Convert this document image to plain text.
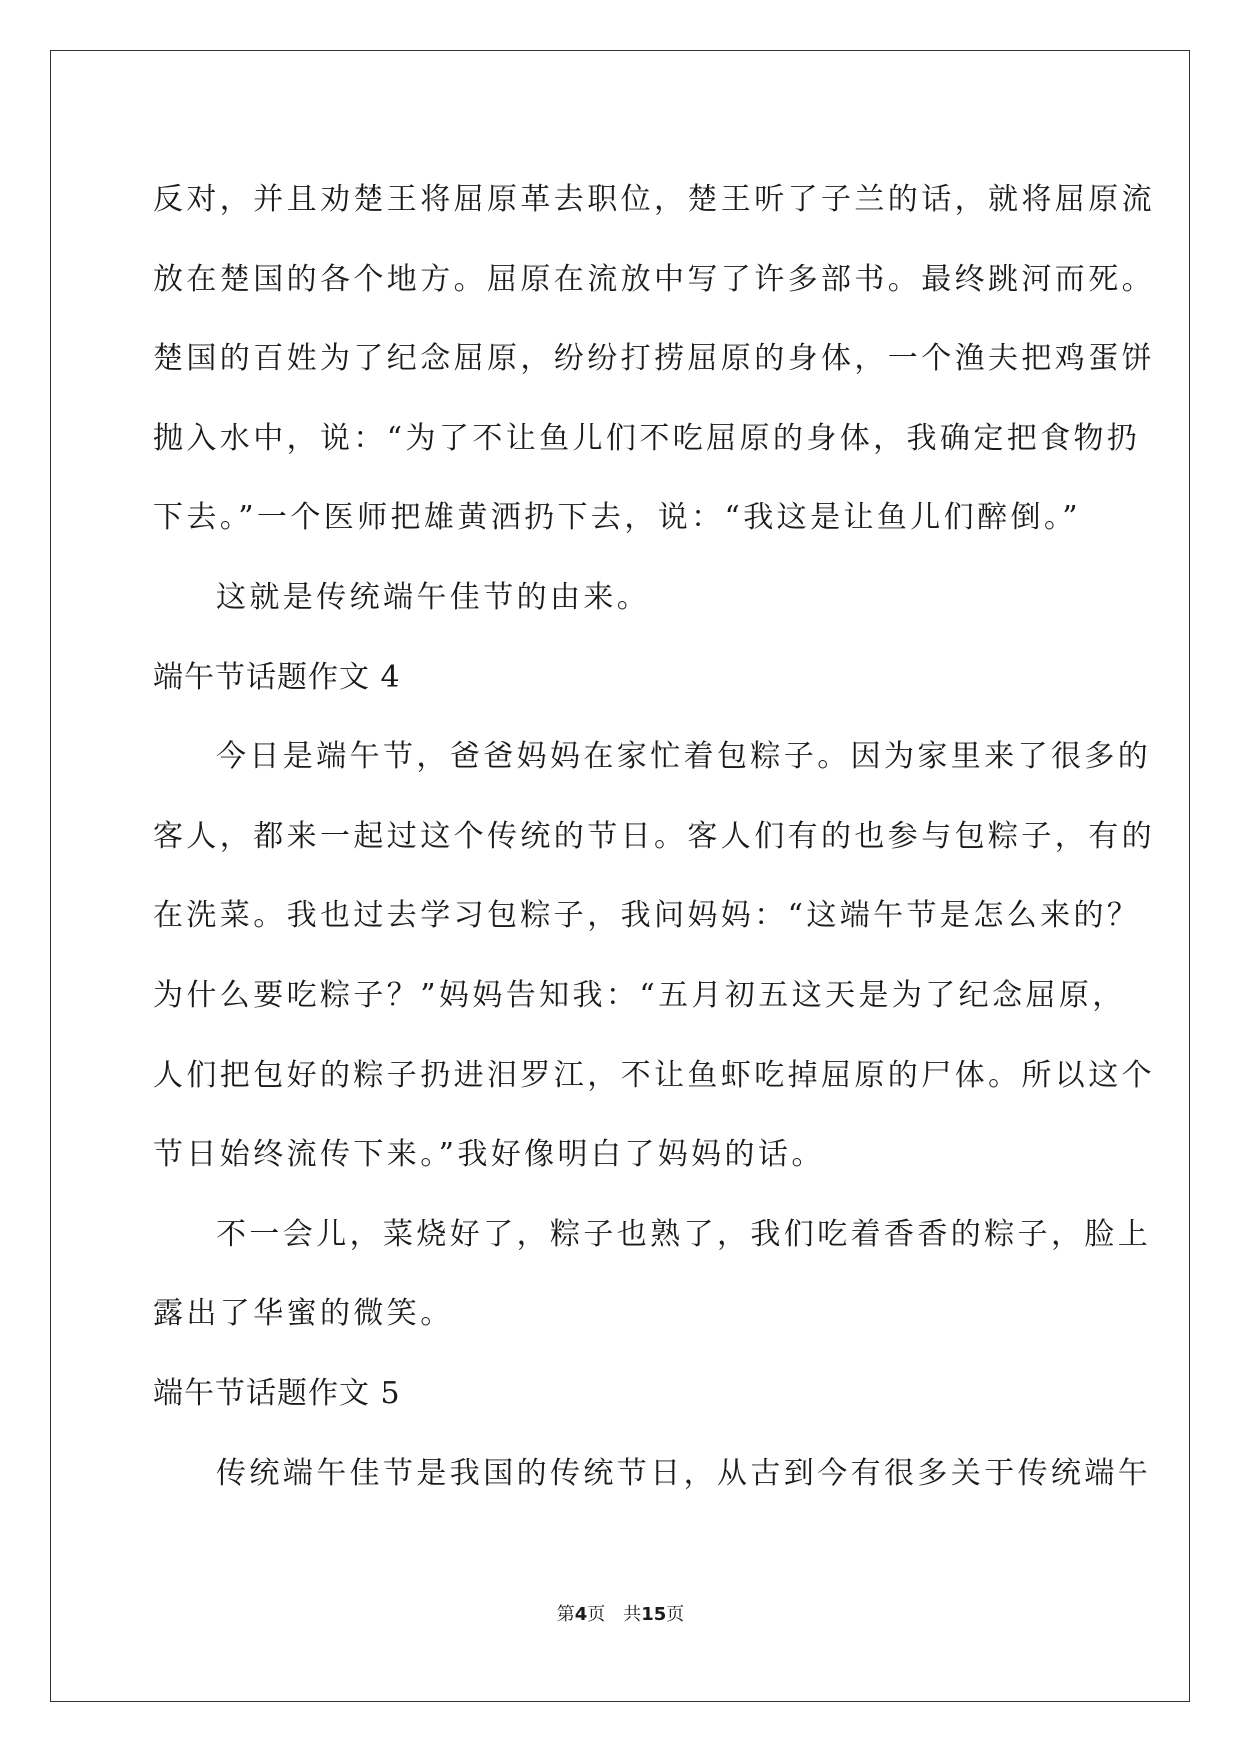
反对，并且劝楚王将屈原革去职位，楚王听了子兰的话，就将屈原流
放在楚国的各个地方。屈原在流放中写了许多部书。最终跳河而死。
楚国的百姓为了纪念屈原，纷纷打捞屈原的身体，一个渔夫把鸡蛋饼
抛入水中，说：“为了不让鱼儿们不吃屈原的身体，我确定把食物扔
下去。”一个医师把雄黄洒扔下去，说：“我这是让鱼儿们醉倒。”
这就是传统端午佳节的由来。
端午节话题作文 4
今日是端午节，爸爸妈妈在家忙着包粽子。因为家里来了很多的
客人，都来一起过这个传统的节日。客人们有的也参与包粽子，有的
在洗菜。我也过去学习包粽子，我问妈妈：“这端午节是怎么来的？
为什么要吃粽子？”妈妈告知我：“五月初五这天是为了纪念屈原，
人们把包好的粽子扔进汨罗江，不让鱼虾吃掉屈原的尸体。所以这个
节日始终流传下来。”我好像明白了妈妈的话。
不一会儿，菜烧好了，粽子也熟了，我们吃着香香的粽子，脸上
露出了华蜜的微笑。
端午节话题作文 5
传统端午佳节是我国的传统节日，从古到今有很多关于传统端午
第4页 共15页
